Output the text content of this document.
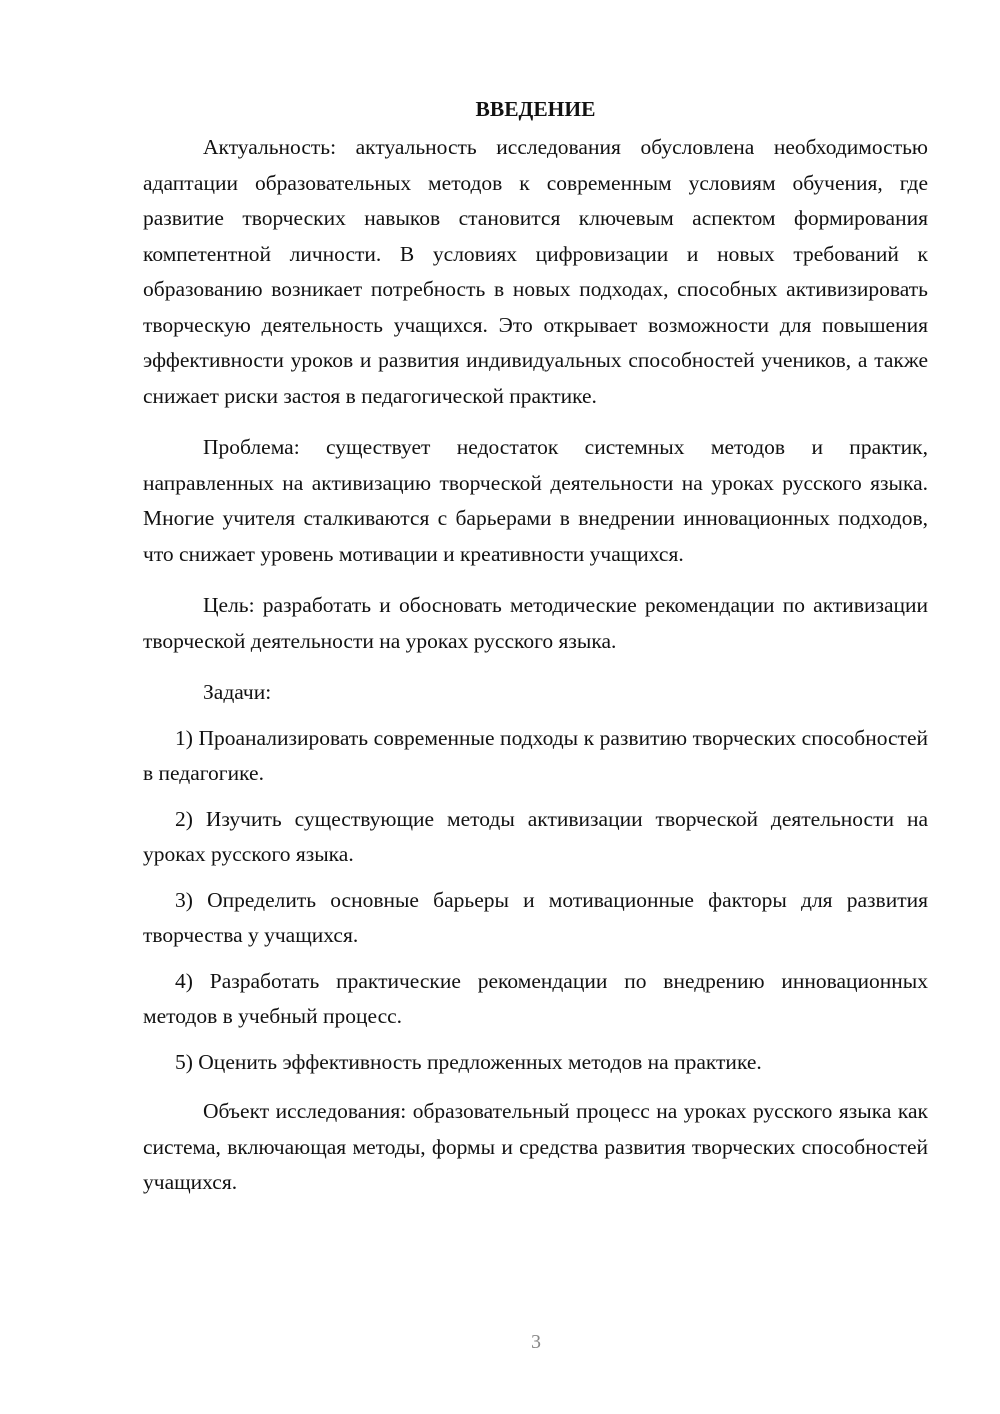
ВВЕДЕНИЕ

Актуальность: актуальность исследования обусловлена необходимостью адаптации образовательных методов к современным условиям обучения, где развитие творческих навыков становится ключевым аспектом формирования компетентной личности. В условиях цифровизации и новых требований к образованию возникает потребность в новых подходах, способных активизировать творческую деятельность учащихся. Это открывает возможности для повышения эффективности уроков и развития индивидуальных способностей учеников, а также снижает риски застоя в педагогической практике.

Проблема: существует недостаток системных методов и практик, направленных на активизацию творческой деятельности на уроках русского языка. Многие учителя сталкиваются с барьерами в внедрении инновационных подходов, что снижает уровень мотивации и креативности учащихся.

Цель: разработать и обосновать методические рекомендации по активизации творческой деятельности на уроках русского языка.

Задачи:

1) Проанализировать современные подходы к развитию творческих способностей в педагогике.

2) Изучить существующие методы активизации творческой деятельности на уроках русского языка.

3) Определить основные барьеры и мотивационные факторы для развития творчества у учащихся.

4) Разработать практические рекомендации по внедрению инновационных методов в учебный процесс.

5) Оценить эффективность предложенных методов на практике.

Объект исследования: образовательный процесс на уроках русского языка как система, включающая методы, формы и средства развития творческих способностей учащихся.

3
